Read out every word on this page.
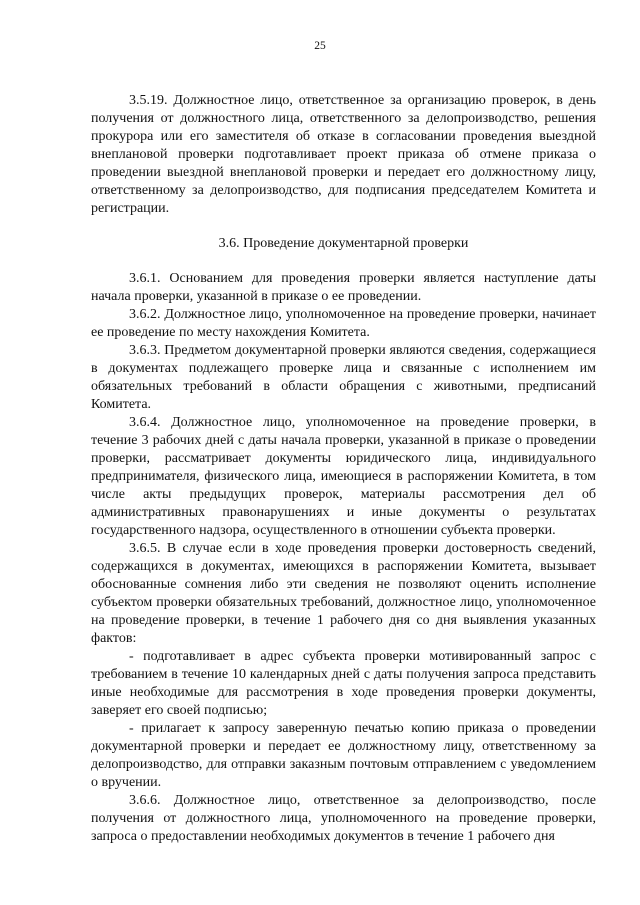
25

3.5.19. Должностное лицо, ответственное за организацию проверок, в день получения от должностного лица, ответственного за делопроизводство, решения прокурора или его заместителя об отказе в согласовании проведения выездной внеплановой проверки подготавливает проект приказа об отмене приказа о проведении выездной внеплановой проверки и передает его должностному лицу, ответственному за делопроизводство, для подписания председателем Комитета и регистрации.

3.6. Проведение документарной проверки

3.6.1. Основанием для проведения проверки является наступление даты начала проверки, указанной в приказе о ее проведении.

3.6.2. Должностное лицо, уполномоченное на проведение проверки, начинает ее проведение по месту нахождения Комитета.

3.6.3. Предметом документарной проверки являются сведения, содержащиеся в документах подлежащего проверке лица и связанные с исполнением им обязательных требований в области обращения с животными, предписаний Комитета.

3.6.4. Должностное лицо, уполномоченное на проведение проверки, в течение 3 рабочих дней с даты начала проверки, указанной в приказе о проведении проверки, рассматривает документы юридического лица, индивидуального предпринимателя, физического лица, имеющиеся в распоряжении Комитета, в том числе акты предыдущих проверок, материалы рассмотрения дел об административных правонарушениях и иные документы о результатах государственного надзора, осуществленного в отношении субъекта проверки.

3.6.5. В случае если в ходе проведения проверки достоверность сведений, содержащихся в документах, имеющихся в распоряжении Комитета, вызывает обоснованные сомнения либо эти сведения не позволяют оценить исполнение субъектом проверки обязательных требований, должностное лицо, уполномоченное на проведение проверки, в течение 1 рабочего дня со дня выявления указанных фактов:

- подготавливает в адрес субъекта проверки мотивированный запрос с требованием в течение 10 календарных дней с даты получения запроса представить иные необходимые для рассмотрения в ходе проведения проверки документы, заверяет его своей подписью;

- прилагает к запросу заверенную печатью копию приказа о проведении документарной проверки и передает ее должностному лицу, ответственному за делопроизводство, для отправки заказным почтовым отправлением с уведомлением о вручении.

3.6.6. Должностное лицо, ответственное за делопроизводство, после получения от должностного лица, уполномоченного на проведение проверки, запроса о предоставлении необходимых документов в течение 1 рабочего дня
